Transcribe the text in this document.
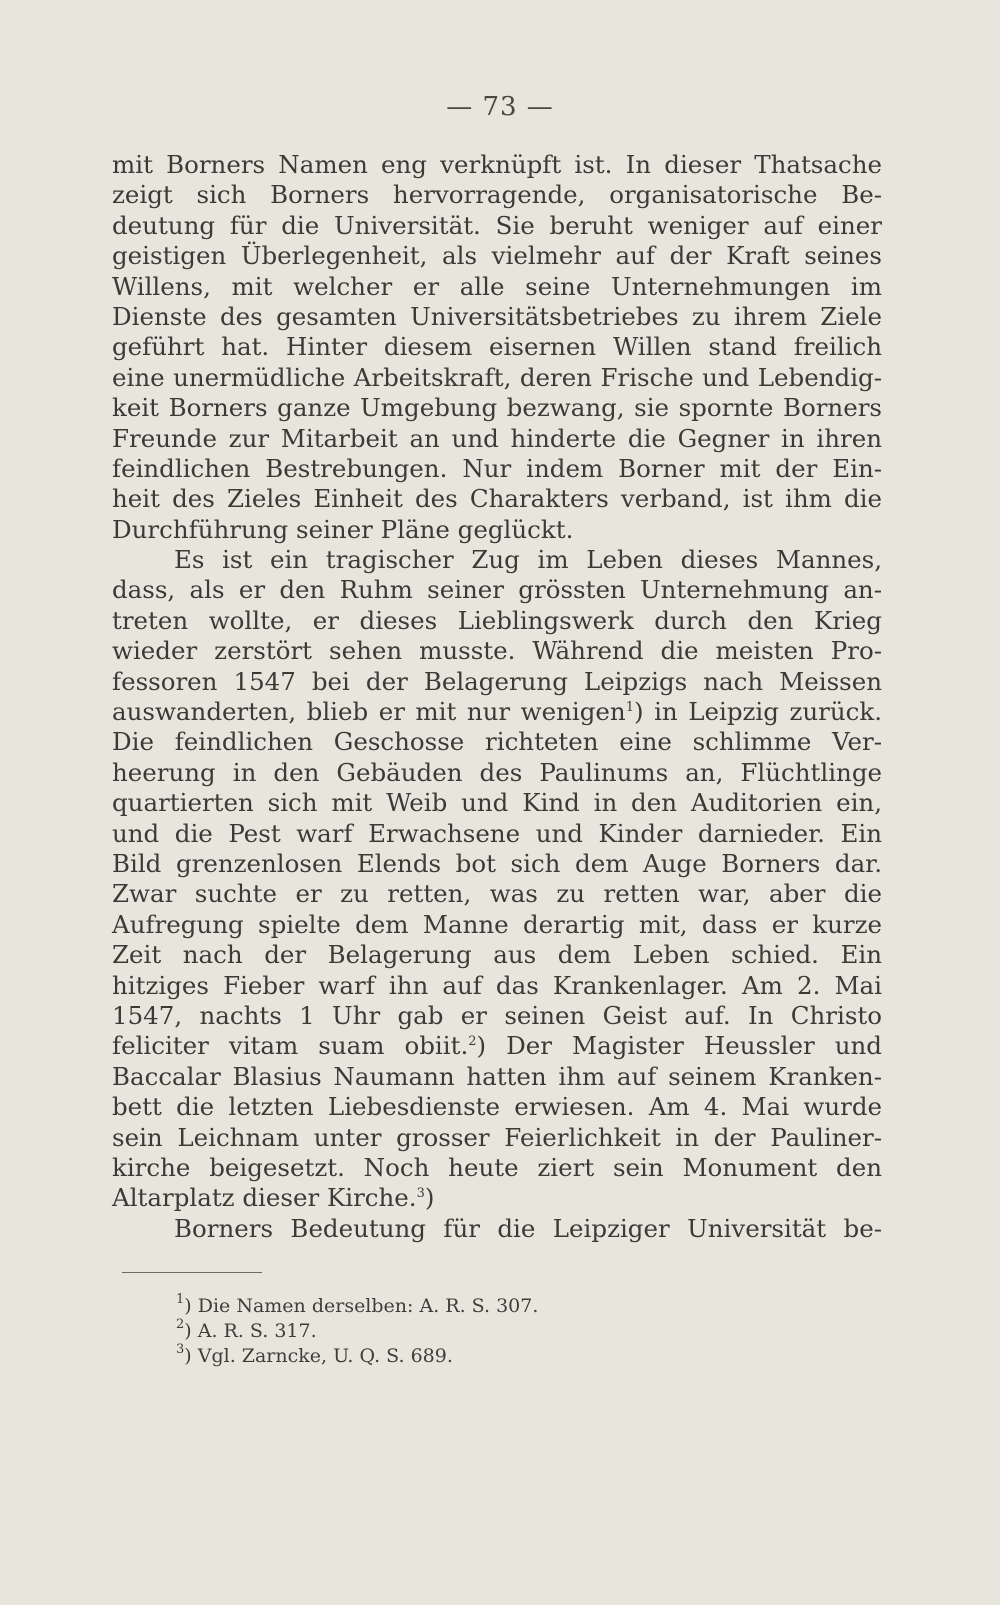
— 73 —
mit Borners Namen eng verknüpft ist. In dieser Thatsache
zeigt sich Borners hervorragende, organisatorische Be-
deutung für die Universität. Sie beruht weniger auf einer
geistigen Überlegenheit, als vielmehr auf der Kraft seines
Willens, mit welcher er alle seine Unternehmungen im
Dienste des gesamten Universitätsbetriebes zu ihrem Ziele
geführt hat. Hinter diesem eisernen Willen stand freilich
eine unermüdliche Arbeitskraft, deren Frische und Lebendig-
keit Borners ganze Umgebung bezwang, sie spornte Borners
Freunde zur Mitarbeit an und hinderte die Gegner in ihren
feindlichen Bestrebungen. Nur indem Borner mit der Ein-
heit des Zieles Einheit des Charakters verband, ist ihm die
Durchführung seiner Pläne geglückt.
Es ist ein tragischer Zug im Leben dieses Mannes,
dass, als er den Ruhm seiner grössten Unternehmung an-
treten wollte, er dieses Lieblingswerk durch den Krieg
wieder zerstört sehen musste. Während die meisten Pro-
fessoren 1547 bei der Belagerung Leipzigs nach Meissen
auswanderten, blieb er mit nur wenigen$^1$) in Leipzig zurück.
Die feindlichen Geschosse richteten eine schlimme Ver-
heerung in den Gebäuden des Paulinums an, Flüchtlinge
quartierten sich mit Weib und Kind in den Auditorien ein,
und die Pest warf Erwachsene und Kinder darnieder. Ein
Bild grenzenlosen Elends bot sich dem Auge Borners dar.
Zwar suchte er zu retten, was zu retten war, aber die
Aufregung spielte dem Manne derartig mit, dass er kurze
Zeit nach der Belagerung aus dem Leben schied. Ein
hitziges Fieber warf ihn auf das Krankenlager. Am 2. Mai
1547, nachts 1 Uhr gab er seinen Geist auf. In Christo
feliciter vitam suam obiit.$^2$) Der Magister Heussler und
Baccalar Blasius Naumann hatten ihm auf seinem Kranken-
bett die letzten Liebesdienste erwiesen. Am 4. Mai wurde
sein Leichnam unter grosser Feierlichkeit in der Pauliner-
kirche beigesetzt. Noch heute ziert sein Monument den
Altarplatz dieser Kirche.$^3$)
Borners Bedeutung für die Leipziger Universität be-
$^1$) Die Namen derselben: A. R. S. 307.
$^2$) A. R. S. 317.
$^3$) Vgl. Zarncke, U. Q. S. 689.
